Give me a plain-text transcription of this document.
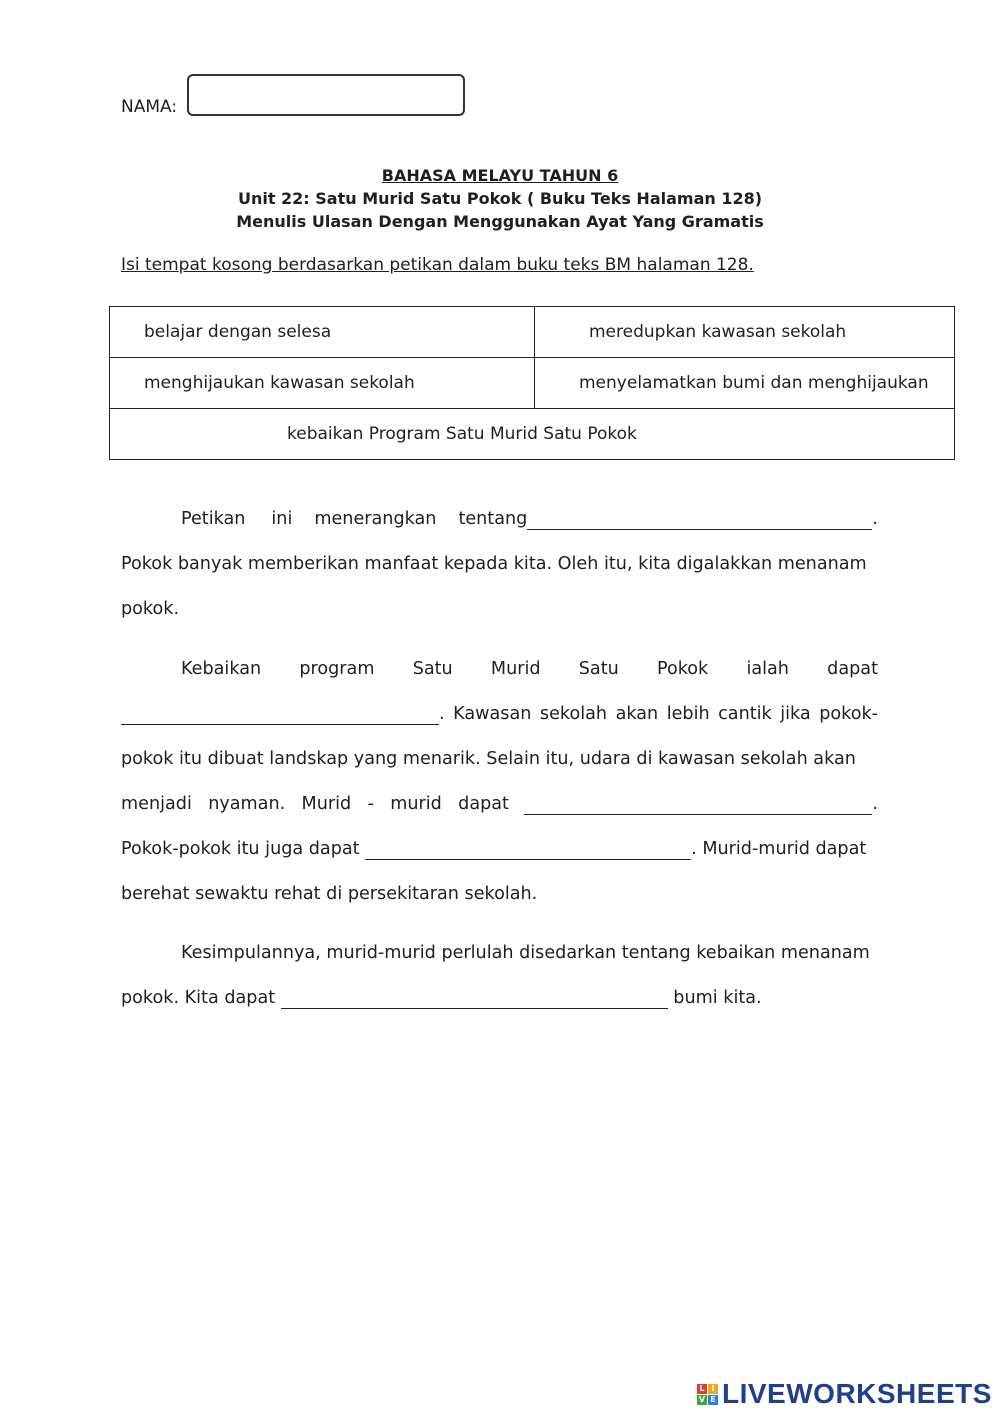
NAMA:
BAHASA MELAYU TAHUN 6
Unit 22: Satu Murid Satu Pokok ( Buku Teks Halaman 128)
Menulis Ulasan Dengan Menggunakan Ayat Yang Gramatis
Isi tempat kosong berdasarkan petikan dalam buku teks BM halaman 128.
belajar dengan selesa	meredupkan kawasan sekolah
menghijaukan kawasan sekolah	menyelamatkan bumi dan menghijaukan
kebaikan Program Satu Murid Satu Pokok	
Petikan ini menerangkan tentang	.
Pokok banyak memberikan manfaat kepada kita. Oleh itu, kita digalakkan menanam
pokok.
Kebaikan program Satu Murid Satu Pokok ialah dapat
. Kawasan sekolah akan lebih cantik jika pokok-
pokok itu dibuat landskap yang menarik. Selain itu, udara di kawasan sekolah akan
menjadi nyaman. Murid - murid dapat	.
Pokok-pokok itu juga dapat	. Murid-murid dapat
berehat sewaktu rehat di persekitaran sekolah.
Kesimpulannya, murid-murid perlulah disedarkan tentang kebaikan menanam
pokok. Kita dapat	bumi kita.
L I
V E LIVEWORKSHEETS
